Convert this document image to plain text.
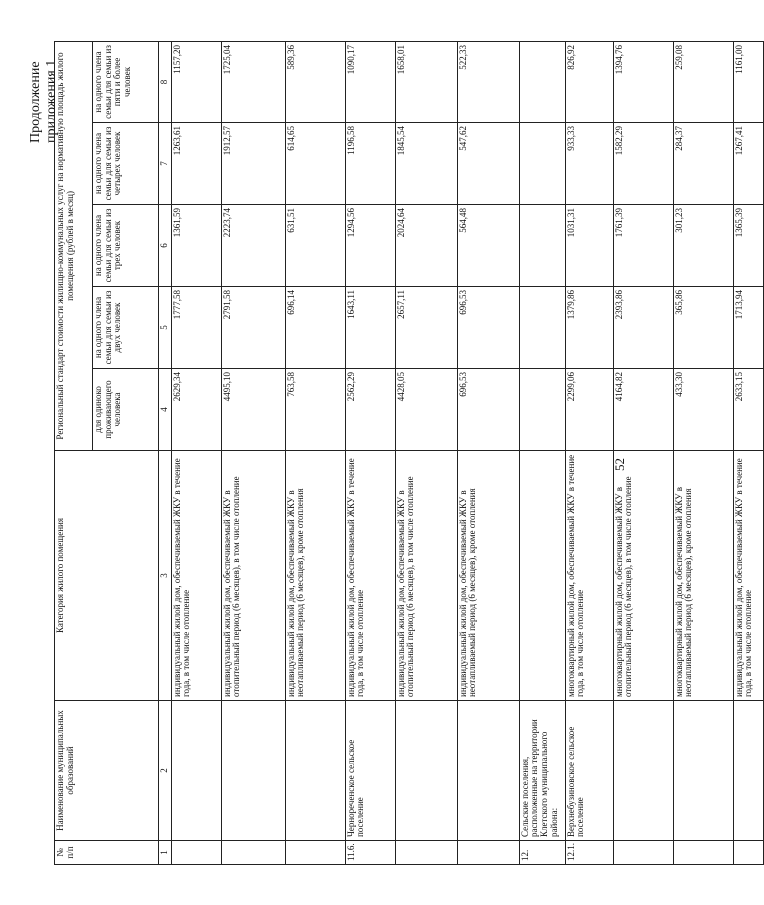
52
Продолжение приложения 1
№ п/п	Наименование муниципальных образований	Категория жилого помещения	Региональный стандарт стоимости жилищно-коммунальных услуг на нормативную площадь жилого помещения (рублей в месяц)				
			для одиноко проживающего человека	на одного члена семьи для семьи из двух человек	на одного члена семьи для семьи из трех человек	на одного члена семьи для семьи из четырех человек	на одного члена семьи для семьи из пяти и более человек
1	2	3	4	5	6	7	8
		индивидуальный жилой дом, обеспечиваемый ЖКУ в течение года, в том числе отопление	2629,34	1777,58	1361,59	1263,61	1157,20
		индивидуальный жилой дом, обеспечиваемый ЖКУ в отопительный период (6 месяцев), в том числе отопление	4495,10	2791,58	2223,74	1912,57	1725,04
		индивидуальный жилой дом, обеспечиваемый ЖКУ в неотапливаемый период (6 месяцев), кроме отопления	763,58	696,14	631,51	614,65	589,36
11.6.	Чернореченское сельское поселение	индивидуальный жилой дом, обеспечиваемый ЖКУ в течение года, в том числе отопление	2562,29	1643,11	1294,56	1196,58	1090,17
		индивидуальный жилой дом, обеспечиваемый ЖКУ в отопительный период (6 месяцев), в том числе отопление	4428,05	2657,11	2024,64	1845,54	1658,01
		индивидуальный жилой дом, обеспечиваемый ЖКУ в неотапливаемый период (6 месяцев), кроме отопления	696,53	696,53	564,48	547,62	522,33
12.	Сельские поселения, расположенные на территории Клетского муниципального района:						
12.1.	Верхнебузиновское сельское поселение	многоквартирный жилой дом, обеспечиваемый ЖКУ в течение года, в том числе отопление	2299,06	1379,86	1031,31	933,33	826,92
		многоквартирный жилой дом, обеспечиваемый ЖКУ в отопительный период (6 месяцев), в том числе отопление	4164,82	2393,86	1761,39	1582,29	1394,76
		многоквартирный жилой дом, обеспечиваемый ЖКУ в неотапливаемый период (6 месяцев), кроме отопления	433,30	365,86	301,23	284,37	259,08
		индивидуальный жилой дом, обеспечиваемый ЖКУ в течение года, в том числе отопление	2633,15	1713,94	1365,39	1267,41	1161,00
